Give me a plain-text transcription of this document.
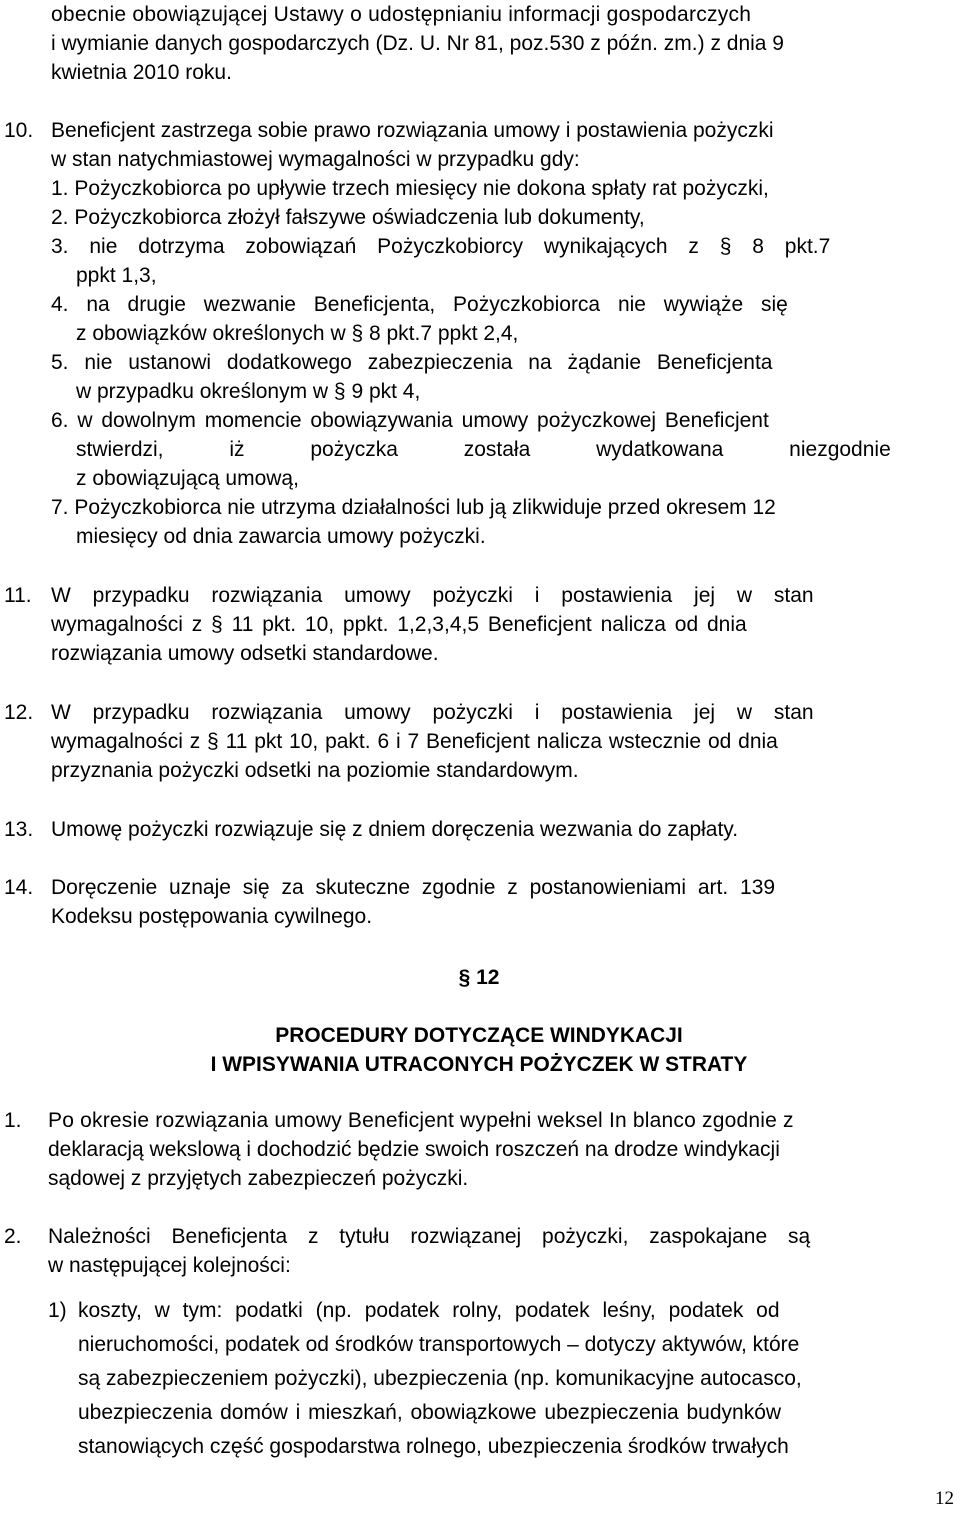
obecnie obowiązującej Ustawy o udostępnianiu informacji gospodarczych
i wymianie danych gospodarczych (Dz. U. Nr 81, poz.530 z późn. zm.) z dnia 9
kwietnia 2010 roku.
10. Beneficjent zastrzega sobie prawo rozwiązania umowy i postawienia pożyczki
w stan natychmiastowej wymagalności w przypadku gdy:
1. Pożyczkobiorca po upływie trzech miesięcy nie dokona spłaty rat pożyczki,
2. Pożyczkobiorca złożył fałszywe oświadczenia lub dokumenty,
3. nie dotrzyma zobowiązań Pożyczkobiorcy wynikających z § 8 pkt.7
ppkt 1,3,
4. na drugie wezwanie Beneficjenta, Pożyczkobiorca nie wywiąże się
z obowiązków określonych w § 8 pkt.7 ppkt 2,4,
5. nie ustanowi dodatkowego zabezpieczenia na żądanie Beneficjenta
w przypadku określonym w § 9 pkt 4,
6. w dowolnym momencie obowiązywania umowy pożyczkowej Beneficjent
stwierdzi, iż pożyczka została wydatkowana niezgodnie
z obowiązującą umową,
7. Pożyczkobiorca nie utrzyma działalności lub ją zlikwiduje przed okresem 12
miesięcy od dnia zawarcia umowy pożyczki.
11. W przypadku rozwiązania umowy pożyczki i postawienia jej w stan
wymagalności z § 11 pkt. 10, ppkt. 1,2,3,4,5 Beneficjent nalicza od dnia
rozwiązania umowy odsetki standardowe.
12. W przypadku rozwiązania umowy pożyczki i postawienia jej w stan
wymagalności z § 11 pkt 10, pakt. 6 i 7 Beneficjent nalicza wstecznie od dnia
przyznania pożyczki odsetki na poziomie standardowym.
13. Umowę pożyczki rozwiązuje się z dniem doręczenia wezwania do zapłaty.
14. Doręczenie uznaje się za skuteczne zgodnie z postanowieniami art. 139
Kodeksu postępowania cywilnego.
§ 12
PROCEDURY DOTYCZĄCE WINDYKACJI
I WPISYWANIA UTRACONYCH POŻYCZEK W STRATY
1. Po okresie rozwiązania umowy Beneficjent wypełni weksel In blanco zgodnie z
deklaracją wekslową i dochodzić będzie swoich roszczeń na drodze windykacji
sądowej z przyjętych zabezpieczeń pożyczki.
2. Należności Beneficjenta z tytułu rozwiązanej pożyczki, zaspokajane są
w następującej kolejności:
1) koszty, w tym: podatki (np. podatek rolny, podatek leśny, podatek od
nieruchomości, podatek od środków transportowych – dotyczy aktywów, które
są zabezpieczeniem pożyczki), ubezpieczenia (np. komunikacyjne autocasco,
ubezpieczenia domów i mieszkań, obowiązkowe ubezpieczenia budynków
stanowiących część gospodarstwa rolnego, ubezpieczenia środków trwałych
12
